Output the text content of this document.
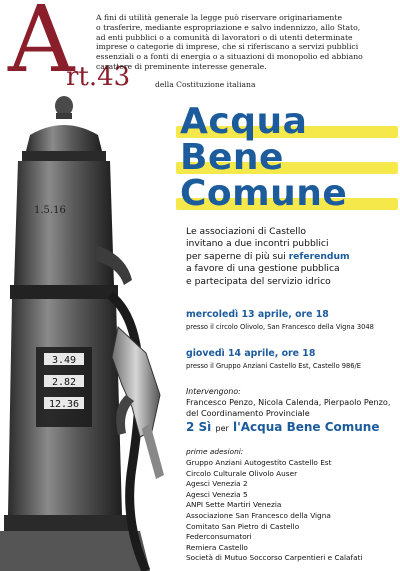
A
rt.43	della Costituzione italiana
A fini di utilità generale la legge può riservare originariamente
o trasferire, mediante espropriazione e salvo indennizzo, allo Stato,
ad enti pubblici o a comunità di lavoratori o di utenti determinate
imprese o categorie di imprese, che si riferiscano a servizi pubblici
essenziali o a fonti di energia o a situazioni di monopolio ed abbiano
carattere di preminente interesse generale.
1.5.16
3.49
2.82
12.36
Acqua
Bene
Comune
Le associazioni di Castello
invitano a due incontri pubblici
per saperne di più sui referendum
a favore di una gestione pubblica
e partecipata del servizio idrico
mercoledì 13 aprile, ore 18
presso il circolo Olivolo, San Francesco della Vigna 3048
giovedì 14 aprile, ore 18
presso il Gruppo Anziani Castello Est, Castello 986/E
Intervengono:
Francesco Penzo, Nicola Calenda, Pierpaolo Penzo,
del Coordinamento Provinciale
2 Sì per l'Acqua Bene Comune
prime adesioni:
Gruppo Anziani Autogestito Castello Est
Circolo Culturale Olivolo Auser
Agesci Venezia 2
Agesci Venezia 5
ANPI Sette Martiri Venezia
Associazione San Francesco della Vigna
Comitato San Pietro di Castello
Federconsumatori
Remiera Castello
Società di Mutuo Soccorso Carpentieri e Calafati
